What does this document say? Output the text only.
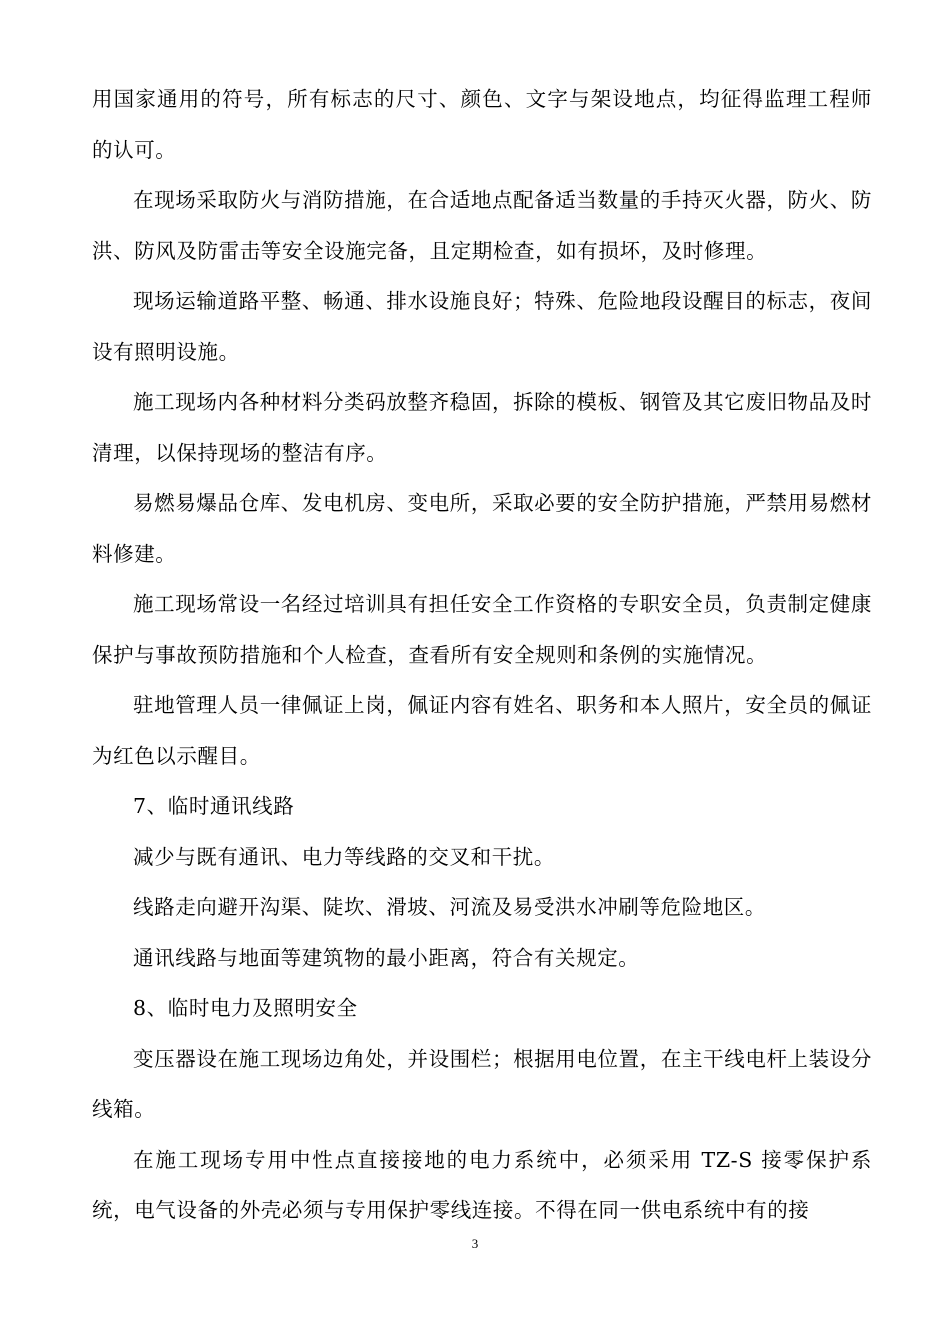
用国家通用的符号，所有标志的尺寸、颜色、文字与架设地点，均征得监理工程师的认可。

在现场采取防火与消防措施，在合适地点配备适当数量的手持灭火器，防火、防洪、防风及防雷击等安全设施完备，且定期检查，如有损坏，及时修理。

现场运输道路平整、畅通、排水设施良好；特殊、危险地段设醒目的标志，夜间设有照明设施。

施工现场内各种材料分类码放整齐稳固，拆除的模板、钢管及其它废旧物品及时清理，以保持现场的整洁有序。

易燃易爆品仓库、发电机房、变电所，采取必要的安全防护措施，严禁用易燃材料修建。

施工现场常设一名经过培训具有担任安全工作资格的专职安全员，负责制定健康保护与事故预防措施和个人检查，查看所有安全规则和条例的实施情况。

驻地管理人员一律佩证上岗，佩证内容有姓名、职务和本人照片，安全员的佩证为红色以示醒目。

7、临时通讯线路

减少与既有通讯、电力等线路的交叉和干扰。

线路走向避开沟渠、陡坎、滑坡、河流及易受洪水冲刷等危险地区。

通讯线路与地面等建筑物的最小距离，符合有关规定。

8、临时电力及照明安全

变压器设在施工现场边角处，并设围栏；根据用电位置，在主干线电杆上装设分线箱。

在施工现场专用中性点直接接地的电力系统中，必须采用 TZ-S 接零保护系统，电气设备的外壳必须与专用保护零线连接。不得在同一供电系统中有的接

3
